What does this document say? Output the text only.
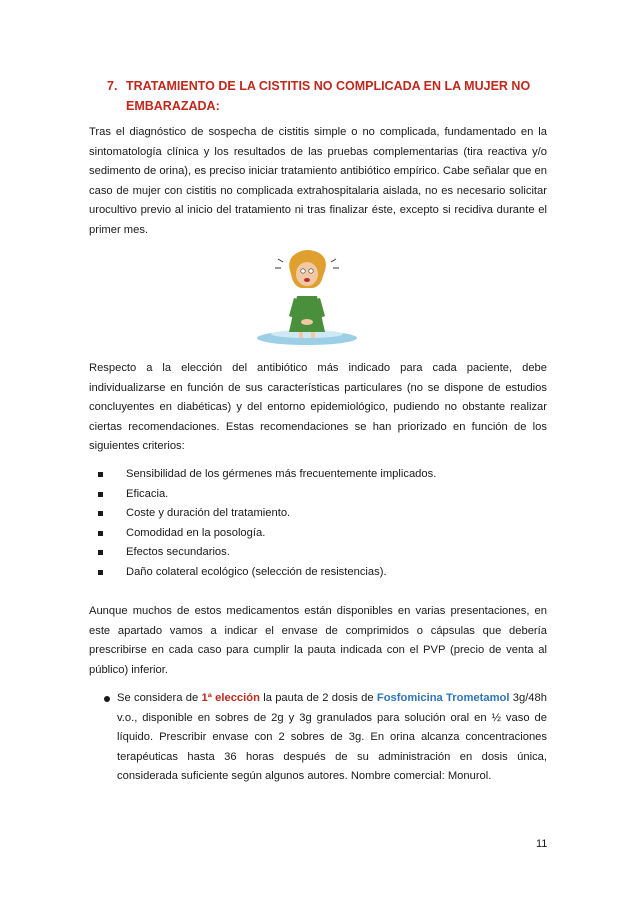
7. TRATAMIENTO DE LA CISTITIS NO COMPLICADA EN LA MUJER NO EMBARAZADA:
Tras el diagnóstico de sospecha de cistitis simple o no complicada, fundamentado en la sintomatología clínica y los resultados de las pruebas complementarias (tira reactiva y/o sedimento de orina), es preciso iniciar tratamiento antibiótico empírico. Cabe señalar que en caso de mujer con cistitis no complicada extrahospitalaria aislada, no es necesario solicitar urocultivo previo al inicio del tratamiento ni tras finalizar éste, excepto si recidiva durante el primer mes.
Respecto a la elección del antibiótico más indicado para cada paciente, debe individualizarse en función de sus características particulares (no se dispone de estudios concluyentes en diabéticas) y del entorno epidemiológico, pudiendo no obstante realizar ciertas recomendaciones. Estas recomendaciones se han priorizado en función de los siguientes criterios:
Sensibilidad de los gérmenes más frecuentemente implicados.
Eficacia.
Coste y duración del tratamiento.
Comodidad en la posología.
Efectos secundarios.
Daño colateral ecológico (selección de resistencias).
Aunque muchos de estos medicamentos están disponibles en varias presentaciones, en este apartado vamos a indicar el envase de comprimidos o cápsulas que debería prescribirse en cada caso para cumplir la pauta indicada con el PVP (precio de venta al público) inferior.
Se considera de 1ª elección la pauta de 2 dosis de Fosfomicina Trometamol 3g/48h v.o., disponible en sobres de 2g y 3g granulados para solución oral en ½ vaso de líquido. Prescribir envase con 2 sobres de 3g. En orina alcanza concentraciones terapéuticas hasta 36 horas después de su administración en dosis única, considerada suficiente según algunos autores. Nombre comercial: Monurol.
11
